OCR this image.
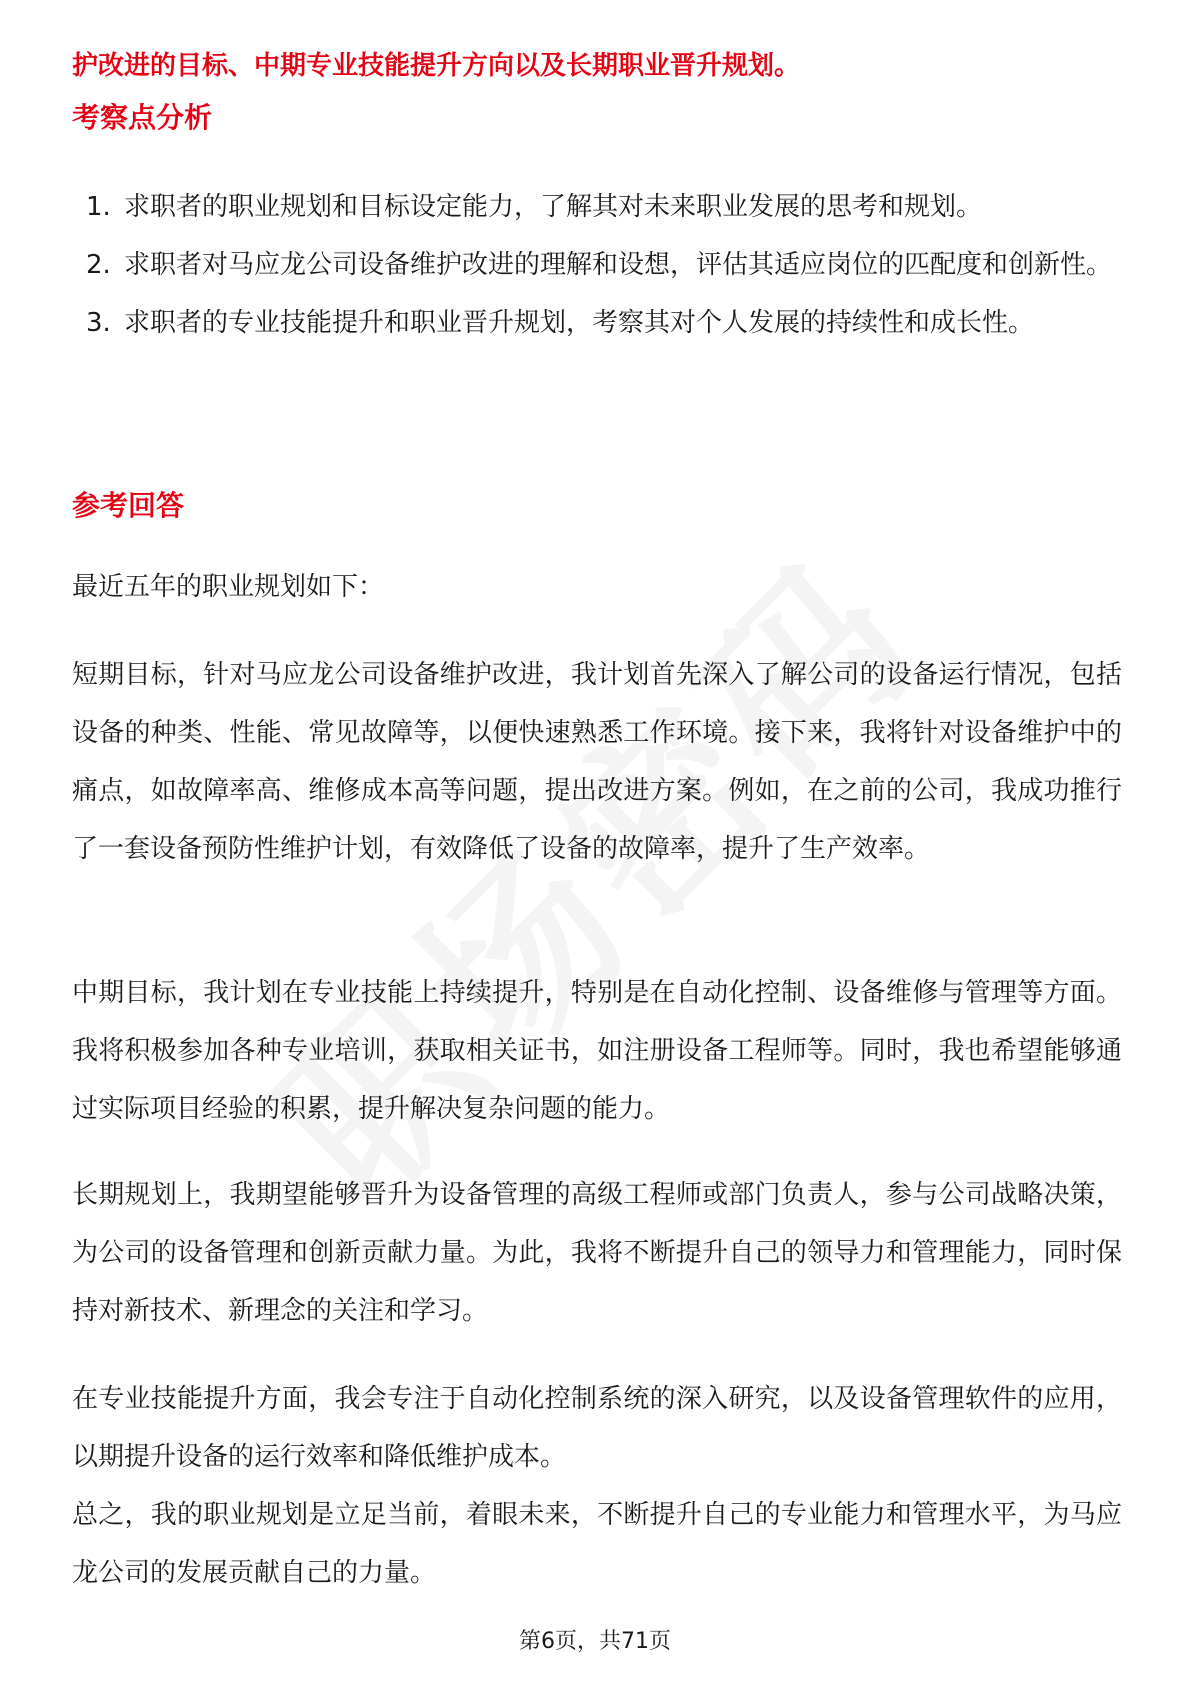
护改进的目标、中期专业技能提升方向以及长期职业晋升规划。

考察点分析
1. 求职者的职业规划和目标设定能力，了解其对未来职业发展的思考和规划。
2. 求职者对马应龙公司设备维护改进的理解和设想，评估其适应岗位的匹配度和创新性。
3. 求职者的专业技能提升和职业晋升规划，考察其对个人发展的持续性和成长性。
参考回答

最近五年的职业规划如下：

短期目标，针对马应龙公司设备维护改进，我计划首先深入了解公司的设备运行情况，包括设备的种类、性能、常见故障等，以便快速熟悉工作环境。接下来，我将针对设备维护中的痛点，如故障率高、维修成本高等问题，提出改进方案。例如，在之前的公司，我成功推行了一套设备预防性维护计划，有效降低了设备的故障率，提升了生产效率。

中期目标，我计划在专业技能上持续提升，特别是在自动化控制、设备维修与管理等方面。我将积极参加各种专业培训，获取相关证书，如注册设备工程师等。同时，我也希望能够通过实际项目经验的积累，提升解决复杂问题的能力。

长期规划上，我期望能够晋升为设备管理的高级工程师或部门负责人，参与公司战略决策，为公司的设备管理和创新贡献力量。为此，我将不断提升自己的领导力和管理能力，同时保持对新技术、新理念的关注和学习。

在专业技能提升方面，我会专注于自动化控制系统的深入研究，以及设备管理软件的应用，以期提升设备的运行效率和降低维护成本。

总之，我的职业规划是立足当前，着眼未来，不断提升自己的专业能力和管理水平，为马应龙公司的发展贡献自己的力量。

第6页，共71页
